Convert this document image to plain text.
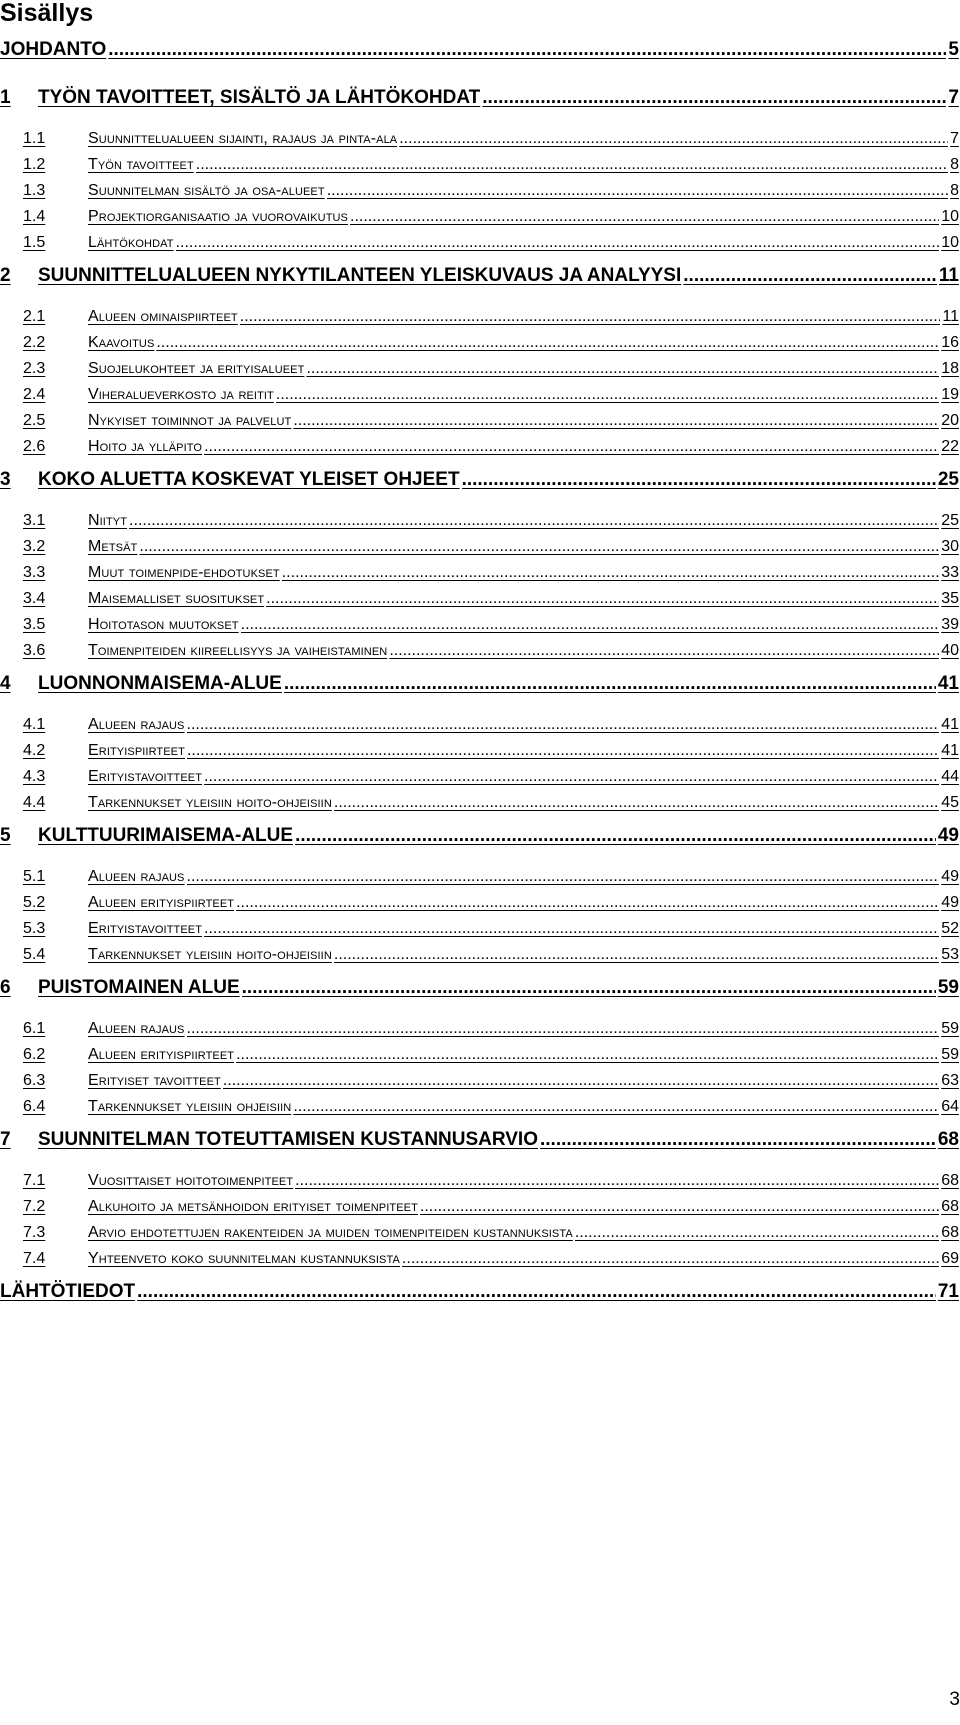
Sisällys
JOHDANTO .....	5
1	TYÖN TAVOITTEET, SISÄLTÖ JA LÄHTÖKOHDAT .....	7
1.1	Suunnittelualueen sijainti, rajaus ja pinta-ala .....	7
1.2	Työn tavoitteet .....	8
1.3	Suunnitelman sisältö ja osa-alueet .....	8
1.4	Projektiorganisaatio ja vuorovaikutus .....	10
1.5	Lähtökohdat .....	10
2	SUUNNITTELUALUEEN NYKYTILANTEEN YLEISKUVAUS JA ANALYYSI .....	11
2.1	Alueen ominaispiirteet .....	11
2.2	Kaavoitus .....	16
2.3	Suojelukohteet ja erityisalueet .....	18
2.4	Viheralueverkosto ja reitit .....	19
2.5	Nykyiset toiminnot ja palvelut .....	20
2.6	Hoito ja ylläpito .....	22
3	KOKO ALUETTA KOSKEVAT YLEISET OHJEET .....	25
3.1	Niityt .....	25
3.2	Metsät .....	30
3.3	Muut toimenpide-ehdotukset .....	33
3.4	Maisemalliset suositukset .....	35
3.5	Hoitotason muutokset .....	39
3.6	Toimenpiteiden kiireellisyys ja vaiheistaminen .....	40
4	LUONNONMAISEMA-ALUE .....	41
4.1	Alueen rajaus .....	41
4.2	Erityispiirteet .....	41
4.3	Erityistavoitteet .....	44
4.4	Tarkennukset yleisiin hoito-ohjeisiin .....	45
5	KULTTUURIMAISEMA-ALUE .....	49
5.1	Alueen rajaus .....	49
5.2	Alueen erityispiirteet .....	49
5.3	Erityistavoitteet .....	52
5.4	Tarkennukset yleisiin hoito-ohjeisiin .....	53
6	PUISTOMAINEN ALUE .....	59
6.1	Alueen rajaus .....	59
6.2	Alueen erityispiirteet .....	59
6.3	Erityiset tavoitteet .....	63
6.4	Tarkennukset yleisiin ohjeisiin .....	64
7	SUUNNITELMAN TOTEUTTAMISEN KUSTANNUSARVIO .....	68
7.1	Vuosittaiset hoitotoimenpiteet .....	68
7.2	Alkuhoito ja metsänhoidon erityiset toimenpiteet .....	68
7.3	Arvio ehdotettujen rakenteiden ja muiden toimenpiteiden kustannuksista .....	68
7.4	Yhteenveto koko suunnitelman kustannuksista .....	69
LÄHTÖTIEDOT .....	71
3
